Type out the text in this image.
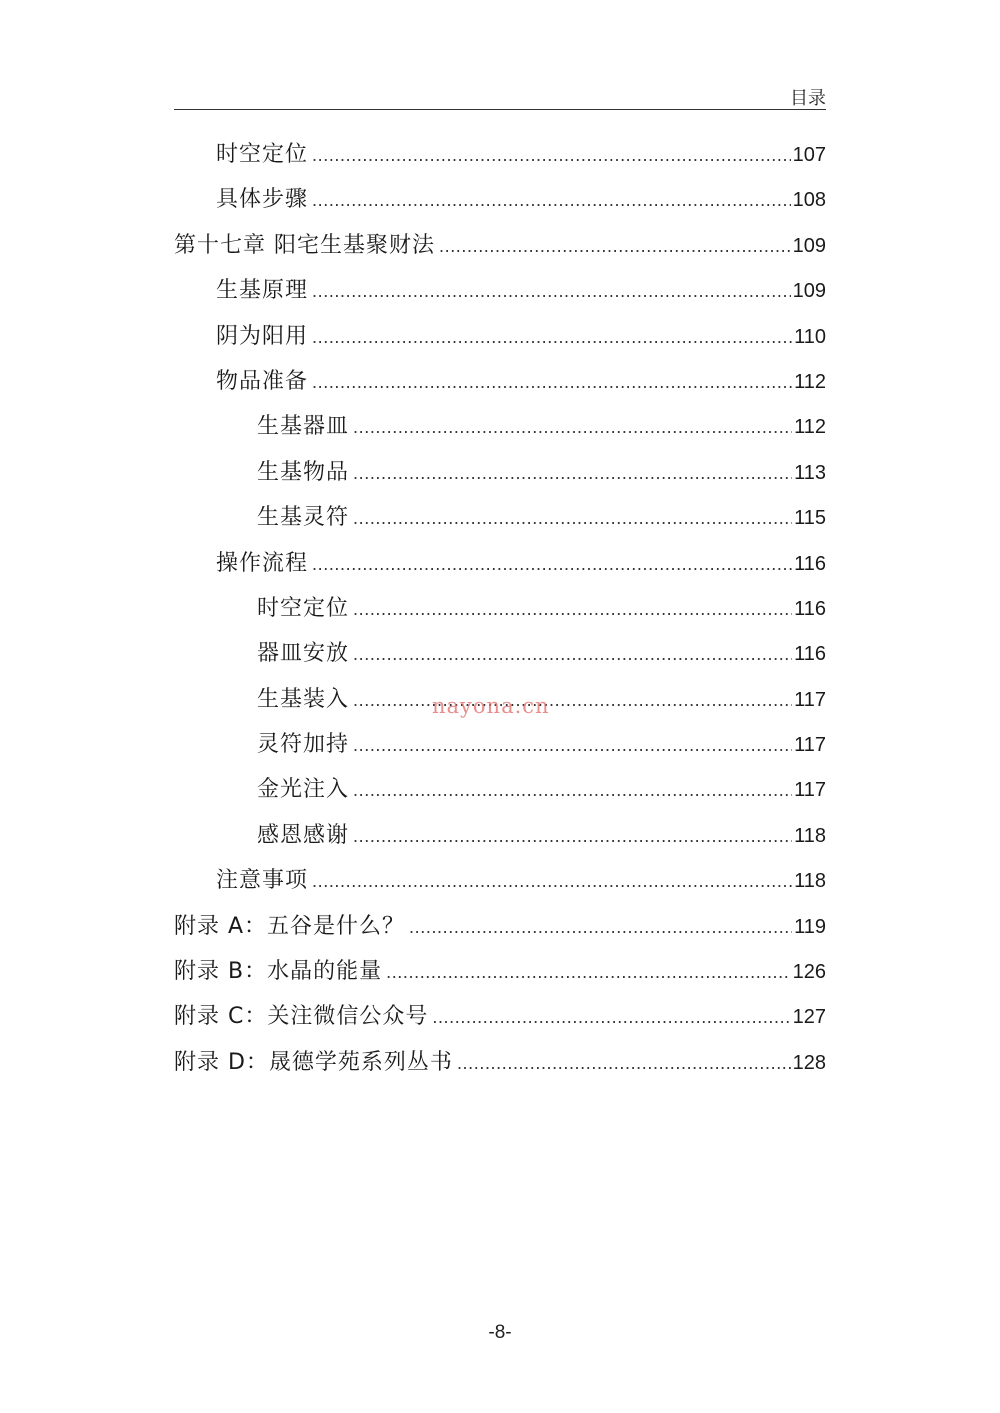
目录
时空定位 .....	107
具体步骤 .....	108
第十七章 阳宅生基聚财法 .....	109
生基原理 .....	109
阴为阳用 .....	110
物品准备 .....	112
生基器皿 .....	112
生基物品 .....	113
生基灵符 .....	115
操作流程 .....	116
时空定位 .....	116
器皿安放 .....	116
生基装入 .....	117
灵符加持 .....	117
金光注入 .....	117
感恩感谢 .....	118
注意事项 .....	118
附录 A：五谷是什么？ .....	119
附录 B：水晶的能量 .....	126
附录 C：关注微信公众号 .....	127
附录 D：晟德学苑系列丛书 .....	128
nayona.cn
-8-
